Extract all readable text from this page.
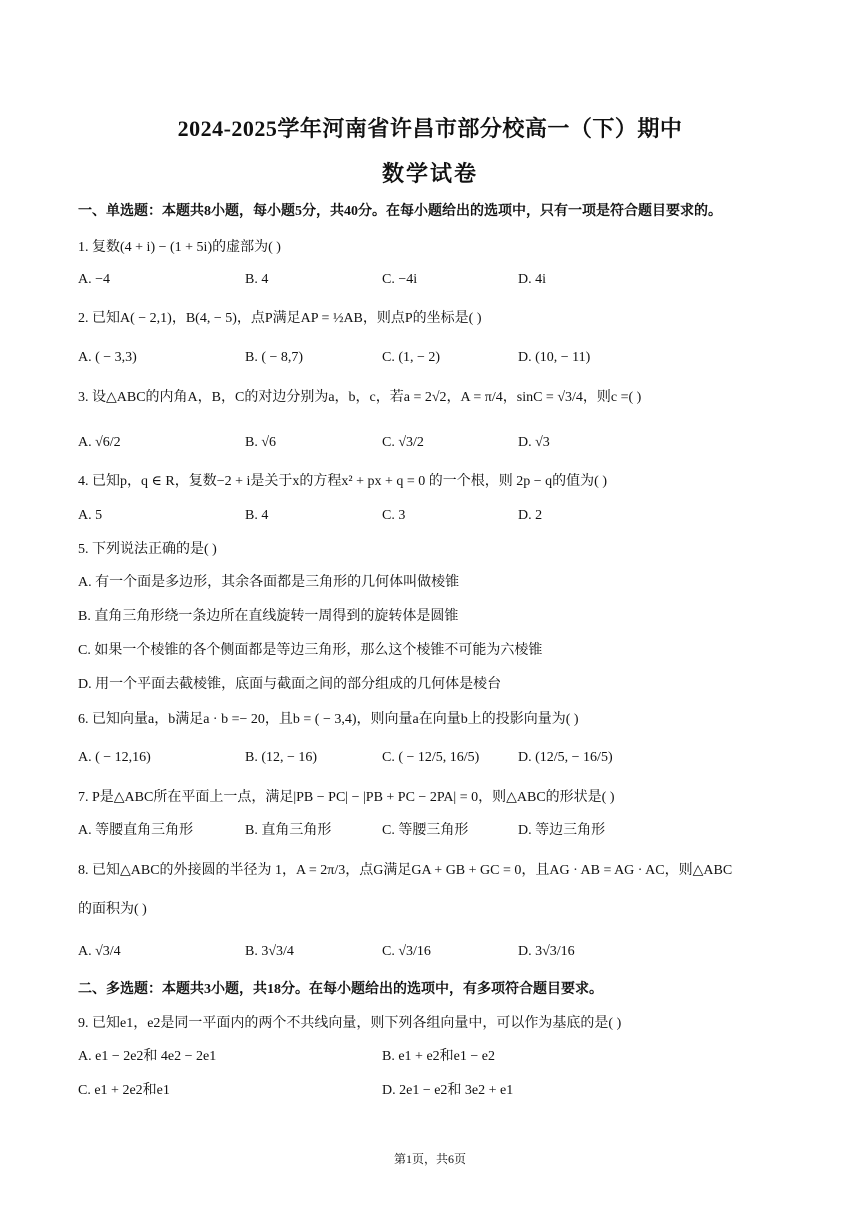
2024-2025学年河南省许昌市部分校高一（下）期中
数学试卷
一、单选题：本题共8小题，每小题5分，共40分。在每小题给出的选项中，只有一项是符合题目要求的。
1. 复数(4 + i) − (1 + 5i)的虚部为( )
A. −4	B. 4	C. −4i	D. 4i
2. 已知A( − 2,1)，B(4, − 5)，点P满足AP = ½AB，则点P的坐标是( )
A. ( − 3,3)	B. ( − 8,7)	C. (1, − 2)	D. (10, − 11)
3. 设△ABC的内角A，B，C的对边分别为a，b，c，若a = 2√2，A = π/4，sinC = √3/4，则c =( )
A. √6/2	B. √6	C. √3/2	D. √3
4. 已知p，q ∈ R，复数−2 + i是关于x的方程x² + px + q = 0 的一个根，则 2p − q的值为( )
A. 5	B. 4	C. 3	D. 2
5. 下列说法正确的是( )
A. 有一个面是多边形，其余各面都是三角形的几何体叫做棱锥
B. 直角三角形绕一条边所在直线旋转一周得到的旋转体是圆锥
C. 如果一个棱锥的各个侧面都是等边三角形，那么这个棱锥不可能为六棱锥
D. 用一个平面去截棱锥，底面与截面之间的部分组成的几何体是棱台
6. 已知向量a，b满足a · b =− 20，且b = ( − 3,4)，则向量a在向量b上的投影向量为( )
A. ( − 12,16)	B. (12, − 16)	C. ( − 12/5, 16/5)	D. (12/5, − 16/5)
7. P是△ABC所在平面上一点，满足|PB − PC| − |PB + PC − 2PA| = 0，则△ABC的形状是( )
A. 等腰直角三角形	B. 直角三角形	C. 等腰三角形	D. 等边三角形
8. 已知△ABC的外接圆的半径为 1，A = 2π/3，点G满足GA + GB + GC = 0，且AG · AB = AG · AC，则△ABC
的面积为( )
A. √3/4	B. 3√3/4	C. √3/16	D. 3√3/16
二、多选题：本题共3小题，共18分。在每小题给出的选项中，有多项符合题目要求。
9. 已知e1，e2是同一平面内的两个不共线向量，则下列各组向量中，可以作为基底的是( )
A. e1 − 2e2和 4e2 − 2e1	B. e1 + e2和e1 − e2
C. e1 + 2e2和e1	D. 2e1 − e2和 3e2 + e1
第1页，共6页
